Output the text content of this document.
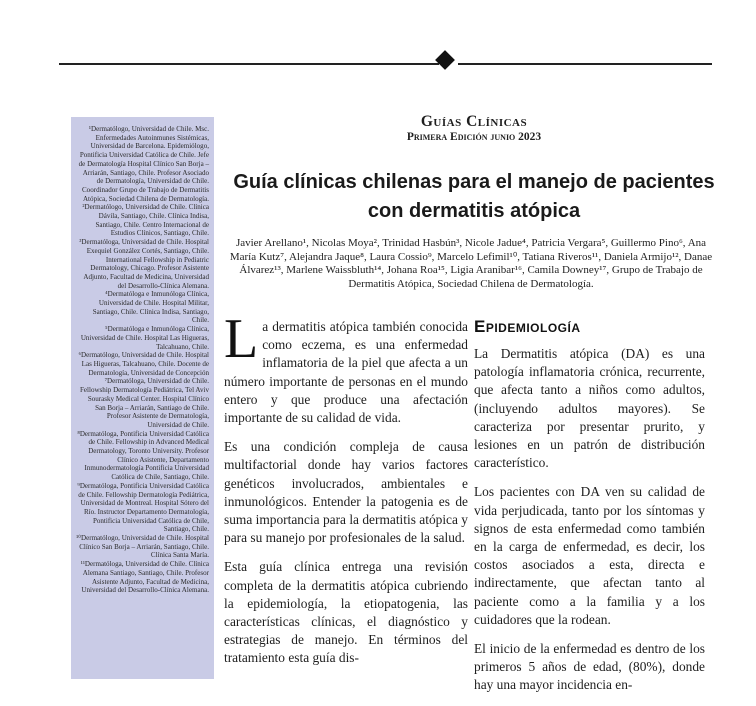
¹Dermatólogo, Universidad de Chile. Msc. Enfermedades Autoinmunes Sistémicas, Universidad de Barcelona. Epidemiólogo, Pontificia Universidad Católica de Chile. Jefe de Dermatología Hospital Clínico San Borja – Arriarán, Santiago, Chile. Profesor Asociado de Dermatología, Universidad de Chile. Coordinador Grupo de Trabajo de Dermatitis Atópica, Sociedad Chilena de Dermatología.

²Dermatólogo, Universidad de Chile. Clínica Dávila, Santiago, Chile. Clínica Indisa, Santiago, Chile. Centro Internacional de Estudios Clínicos, Santiago, Chile.

³Dermatóloga, Universidad de Chile. Hospital Exequiel González Cortés, Santiago, Chile. International Fellowship in Pediatric Dermatology, Chicago. Profesor Asistente Adjunto, Facultad de Medicina, Universidad del Desarrollo-Clínica Alemana.

⁴Dermatóloga e Inmunóloga Clínica, Universidad de Chile. Hospital Militar, Santiago, Chile. Clínica Indisa, Santiago, Chile.

⁵Dermatóloga e Inmunóloga Clínica, Universidad de Chile. Hospital Las Higueras, Talcahuano, Chile.

⁶Dermatólogo, Universidad de Chile. Hospital Las Higueras, Talcahuano, Chile. Docente de Dermatología, Universidad de Concepción

⁷Dermatóloga, Universidad de Chile. Fellowship Dermatología Pediátrica, Tel Aviv Sourasky Medical Center. Hospital Clínico San Borja – Arriarán, Santiago de Chile. Profesor Asistente de Dermatología, Universidad de Chile.

⁸Dermatóloga, Pontificia Universidad Católica de Chile. Fellowship in Advanced Medical Dermatology, Toronto University. Profesor Clínico Asistente, Departamento Inmunodermatología Pontificia Universidad Católica de Chile, Santiago, Chile.

⁹Dermatóloga, Pontificia Universidad Católica de Chile. Fellowship Dermatología Pediátrica, Universidad de Montreal. Hospital Sótero del Río. Instructor Departamento Dermatología, Pontificia Universidad Católica de Chile, Santiago, Chile.

¹⁰Dermatólogo, Universidad de Chile. Hospital Clínico San Borja – Arriarán, Santiago, Chile. Clínica Santa María.

¹¹Dermatóloga, Universidad de Chile. Clínica Alemana Santiago, Santiago, Chile. Profesor Asistente Adjunto, Facultad de Medicina, Universidad del Desarrollo-Clínica Alemana.

Guías Clínicas
Primera Edición junio 2023
Guía clínicas chilenas para el manejo de pacientes con dermatitis atópica

Javier Arellano¹, Nicolas Moya², Trinidad Hasbún³, Nicole Jadue⁴, Patricia Vergara⁵, Guillermo Pino⁶, Ana María Kutz⁷, Alejandra Jaque⁸, Laura Cossio⁹, Marcelo Lefimil¹⁰, Tatiana Riveros¹¹, Daniela Armijo¹², Danae Álvarez¹³, Marlene Waissbluth¹⁴, Johana Roa¹⁵, Ligia Aranibar¹⁶, Camila Downey¹⁷, Grupo de Trabajo de Dermatitis Atópica, Sociedad Chilena de Dermatología.

La dermatitis atópica también conocida como eczema, es una enfermedad inflamatoria de la piel que afecta a un número importante de personas en el mundo entero y que produce una afectación importante de su calidad de vida.

Es una condición compleja de causa multifactorial donde hay varios factores genéticos involucrados, ambientales e inmunológicos. Entender la patogenia es de suma importancia para la dermatitis atópica y para su manejo por profesionales de la salud.

Esta guía clínica entrega una revisión completa de la dermatitis atópica cubriendo la epidemiología, la etiopatogenia, las características clínicas, el diagnóstico y estrategias de manejo. En términos del tratamiento esta guía dis-

Epidemiología

La Dermatitis atópica (DA) es una patología inflamatoria crónica, recurrente, que afecta tanto a niños como adultos, (incluyendo adultos mayores). Se caracteriza por presentar prurito, y lesiones en un patrón de distribución característico.

Los pacientes con DA ven su calidad de vida perjudicada, tanto por los síntomas y signos de esta enfermedad como también en la carga de enfermedad, es decir, los costos asociados a esta, directa e indirectamente, que afectan tanto al paciente como a la familia y a los cuidadores que la rodean.

El inicio de la enfermedad es dentro de los primeros 5 años de edad, (80%), donde hay una mayor incidencia en-
